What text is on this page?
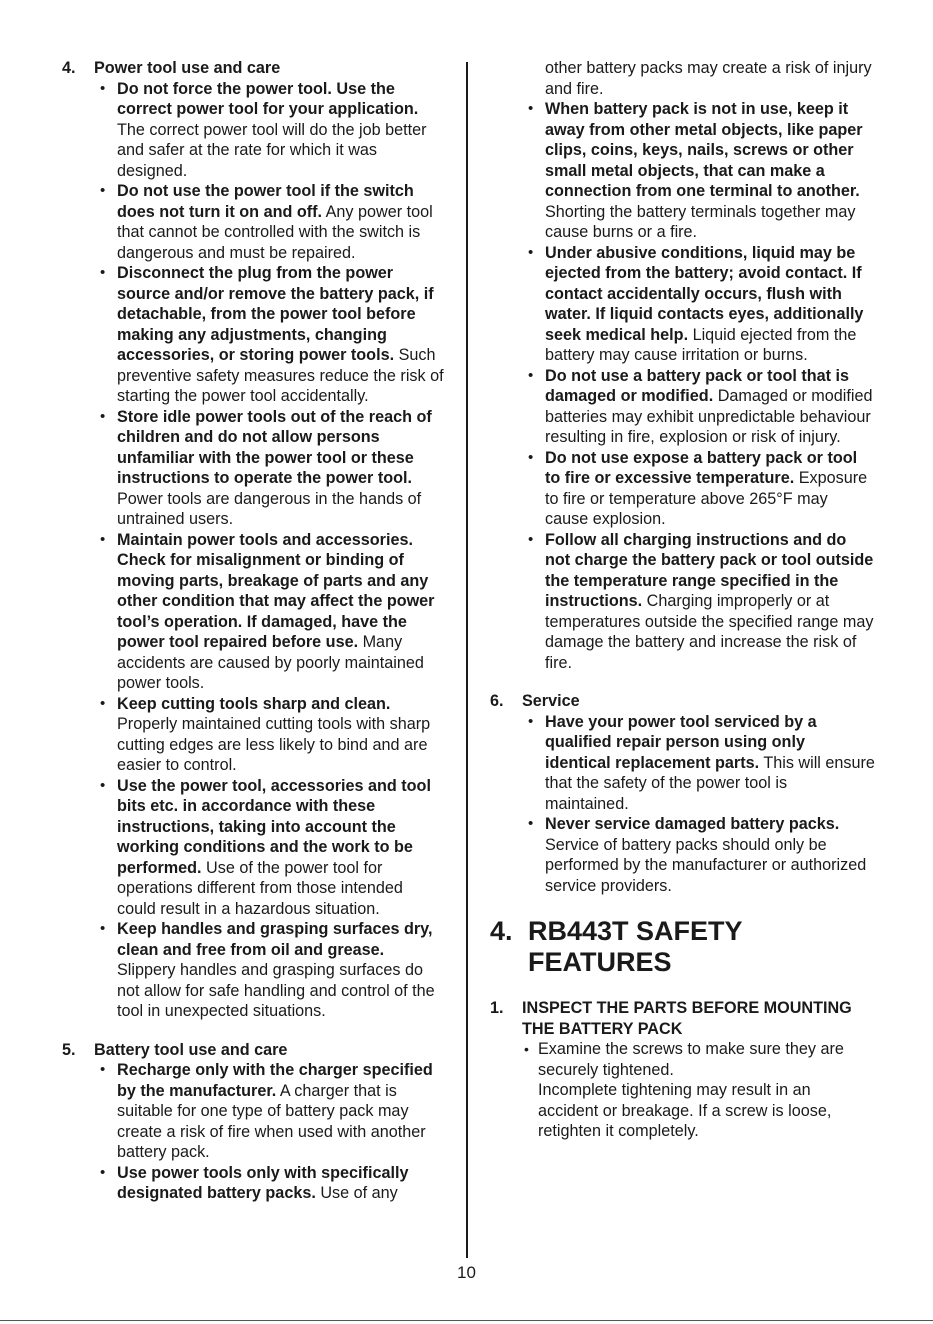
4.	Power tool use and care
• Do not force the power tool. Use the correct power tool for your application. The correct power tool will do the job better and safer at the rate for which it was designed.
• Do not use the power tool if the switch does not turn it on and off. Any power tool that cannot be controlled with the switch is dangerous and must be repaired.
• Disconnect the plug from the power source and/or remove the battery pack, if detachable, from the power tool before making any adjustments, changing accessories, or storing power tools. Such preventive safety measures reduce the risk of starting the power tool accidentally.
• Store idle power tools out of the reach of children and do not allow persons unfamiliar with the power tool or these instructions to operate the power tool. Power tools are dangerous in the hands of untrained users.
• Maintain power tools and accessories. Check for misalignment or binding of moving parts, breakage of parts and any other condition that may affect the power tool’s operation. If damaged, have the power tool repaired before use. Many accidents are caused by poorly maintained power tools.
• Keep cutting tools sharp and clean. Properly maintained cutting tools with sharp cutting edges are less likely to bind and are easier to control.
• Use the power tool, accessories and tool bits etc. in accordance with these instructions, taking into account the working conditions and the work to be performed. Use of the power tool for operations different from those intended could result in a hazardous situation.
• Keep handles and grasping surfaces dry, clean and free from oil and grease. Slippery handles and grasping surfaces do not allow for safe handling and control of the tool in unexpected situations.
5.	Battery tool use and care
• Recharge only with the charger specified by the manufacturer. A charger that is suitable for one type of battery pack may create a risk of fire when used with another battery pack.
• Use power tools only with specifically designated battery packs. Use of any

other battery packs may create a risk of injury and fire.

• When battery pack is not in use, keep it away from other metal objects, like paper clips, coins, keys, nails, screws or other small metal objects, that can make a connection from one terminal to another. Shorting the battery terminals together may cause burns or a fire.
• Under abusive conditions, liquid may be ejected from the battery; avoid contact. If contact accidentally occurs, flush with water. If liquid contacts eyes, additionally seek medical help. Liquid ejected from the battery may cause irritation or burns.
• Do not use a battery pack or tool that is damaged or modified. Damaged or modified batteries may exhibit unpredictable behaviour resulting in fire, explosion or risk of injury.
• Do not use expose a battery pack or tool to fire or excessive temperature. Exposure to fire or temperature above 265°F may cause explosion.
• Follow all charging instructions and do not charge the battery pack or tool outside the temperature range specified in the instructions. Charging improperly or at temperatures outside the specified range may damage the battery and increase the risk of fire.
6.	Service
• Have your power tool serviced by a qualified repair person using only identical replacement parts. This will ensure that the safety of the power tool is maintained.
• Never service damaged battery packs. Service of battery packs should only be performed by the manufacturer or authorized service providers.
4. RB443T SAFETY FEATURES
1.	INSPECT THE PARTS BEFORE MOUNTING THE BATTERY PACK
• Examine the screws to make sure they are securely tightened.
Incomplete tightening may result in an accident or breakage. If a screw is loose, retighten it completely.
10
